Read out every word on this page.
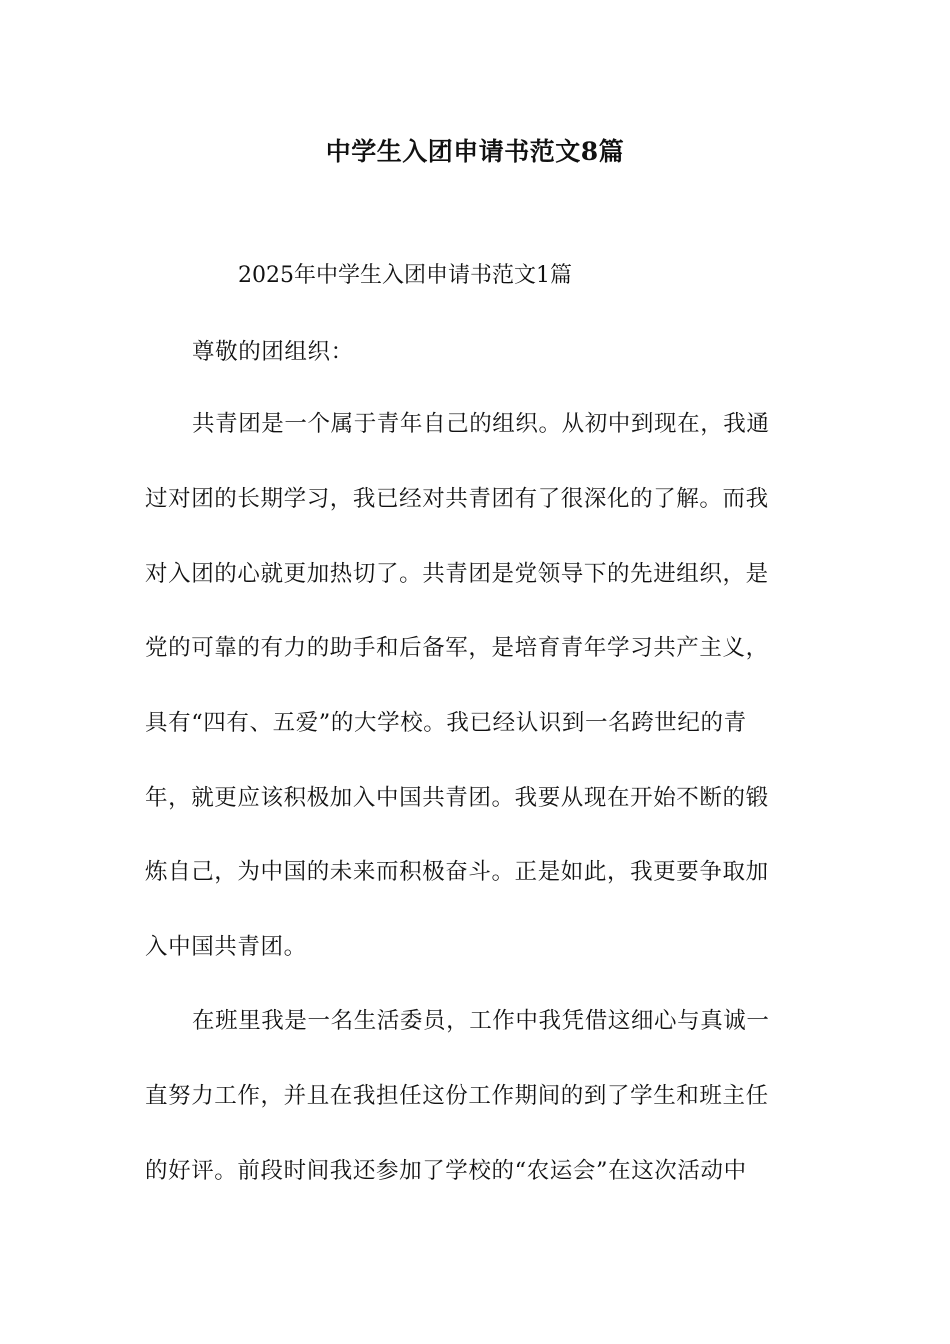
中学生入团申请书范文8篇
2025年中学生入团申请书范文1篇
尊敬的团组织：
共青团是一个属于青年自己的组织。从初中到现在，我通
过对团的长期学习，我已经对共青团有了很深化的了解。而我
对入团的心就更加热切了。共青团是党领导下的先进组织，是
党的可靠的有力的助手和后备军，是培育青年学习共产主义，
具有“四有、五爱”的大学校。我已经认识到一名跨世纪的青
年，就更应该积极加入中国共青团。我要从现在开始不断的锻
炼自己，为中国的未来而积极奋斗。正是如此，我更要争取加
入中国共青团。
在班里我是一名生活委员，工作中我凭借这细心与真诚一
直努力工作，并且在我担任这份工作期间的到了学生和班主任
的好评。前段时间我还参加了学校的“农运会”在这次活动中
